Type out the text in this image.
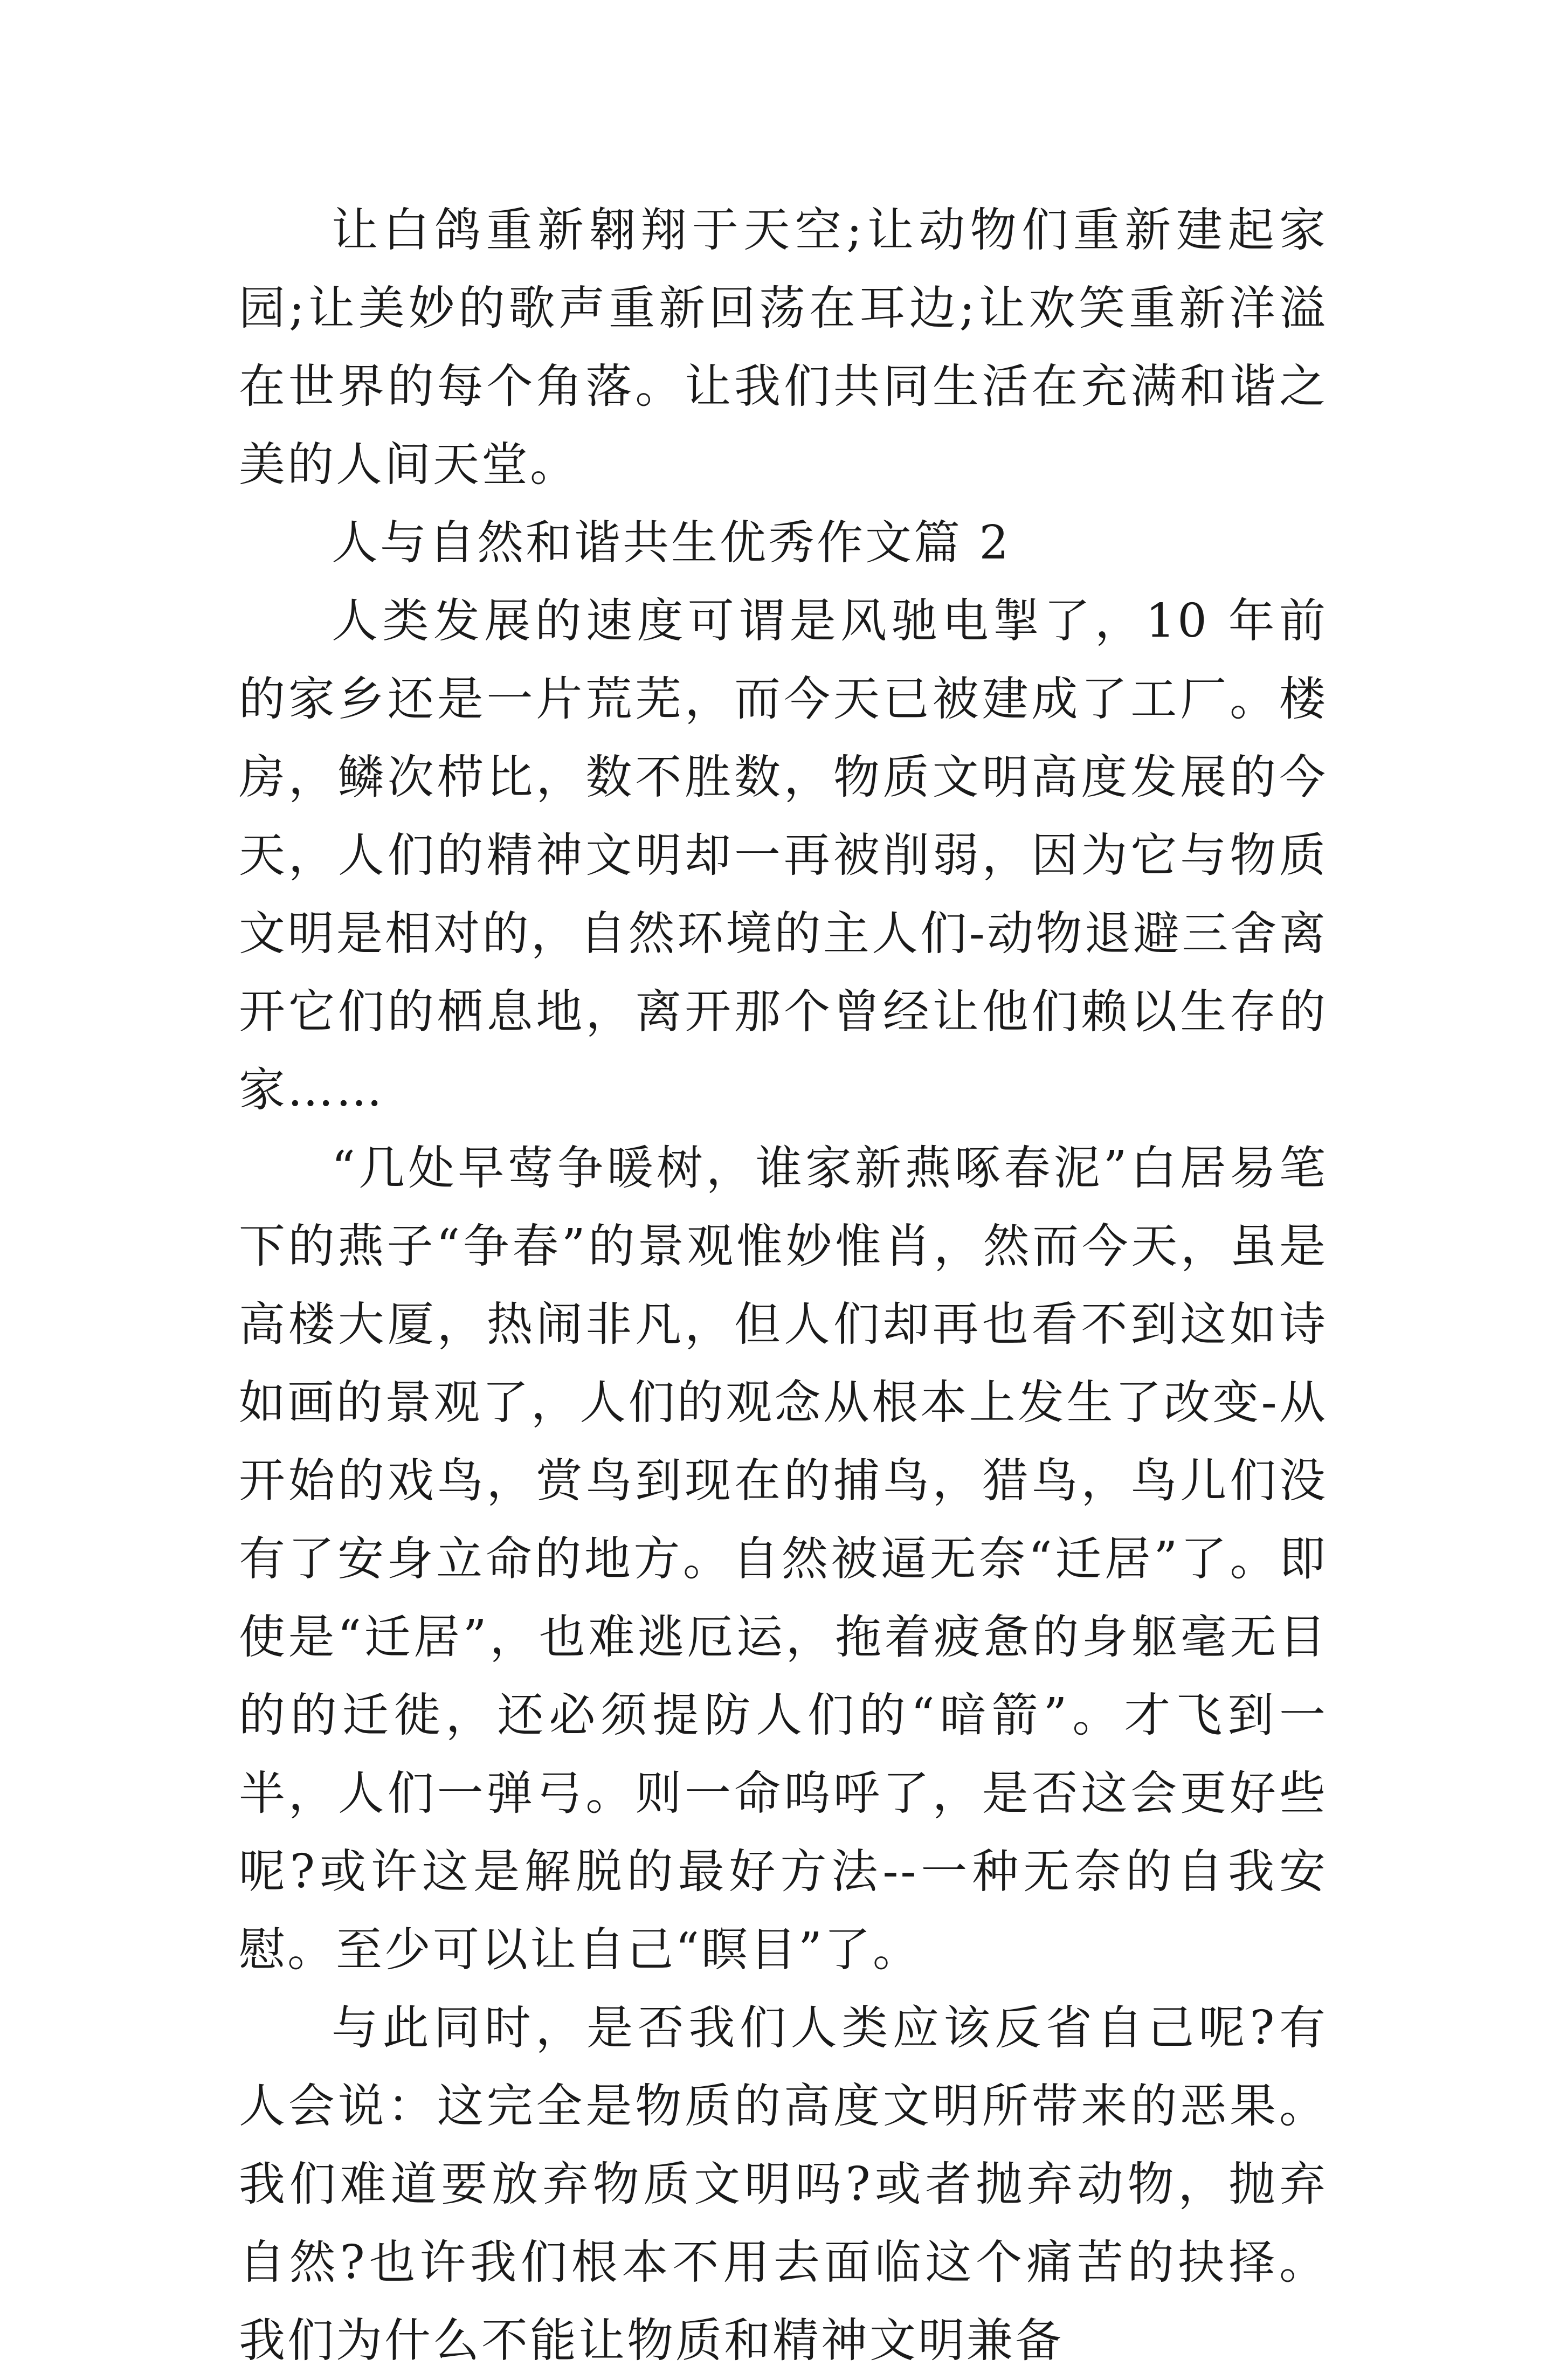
让白鸽重新翱翔于天空;让动物们重新建起家园;让美妙的歌声重新回荡在耳边;让欢笑重新洋溢在世界的每个角落。让我们共同生活在充满和谐之美的人间天堂。

人与自然和谐共生优秀作文篇 2

人类发展的速度可谓是风驰电掣了，10 年前的家乡还是一片荒芜，而今天已被建成了工厂。楼房，鳞次栉比，数不胜数，物质文明高度发展的今天，人们的精神文明却一再被削弱，因为它与物质文明是相对的，自然环境的主人们-动物退避三舍离开它们的栖息地，离开那个曾经让他们赖以生存的家……

“几处早莺争暖树，谁家新燕啄春泥”白居易笔下的燕子“争春”的景观惟妙惟肖，然而今天，虽是高楼大厦，热闹非凡，但人们却再也看不到这如诗如画的景观了，人们的观念从根本上发生了改变-从开始的戏鸟，赏鸟到现在的捕鸟，猎鸟，鸟儿们没有了安身立命的地方。自然被逼无奈“迁居”了。即使是“迁居”，也难逃厄运，拖着疲惫的身躯毫无目的的迁徙，还必须提防人们的“暗箭”。才飞到一半，人们一弹弓。则一命呜呼了，是否这会更好些呢?或许这是解脱的最好方法--一种无奈的自我安慰。至少可以让自己“瞑目”了。

与此同时，是否我们人类应该反省自己呢?有人会说：这完全是物质的高度文明所带来的恶果。我们难道要放弃物质文明吗?或者抛弃动物，抛弃自然?也许我们根本不用去面临这个痛苦的抉择。我们为什么不能让物质和精神文明兼备
